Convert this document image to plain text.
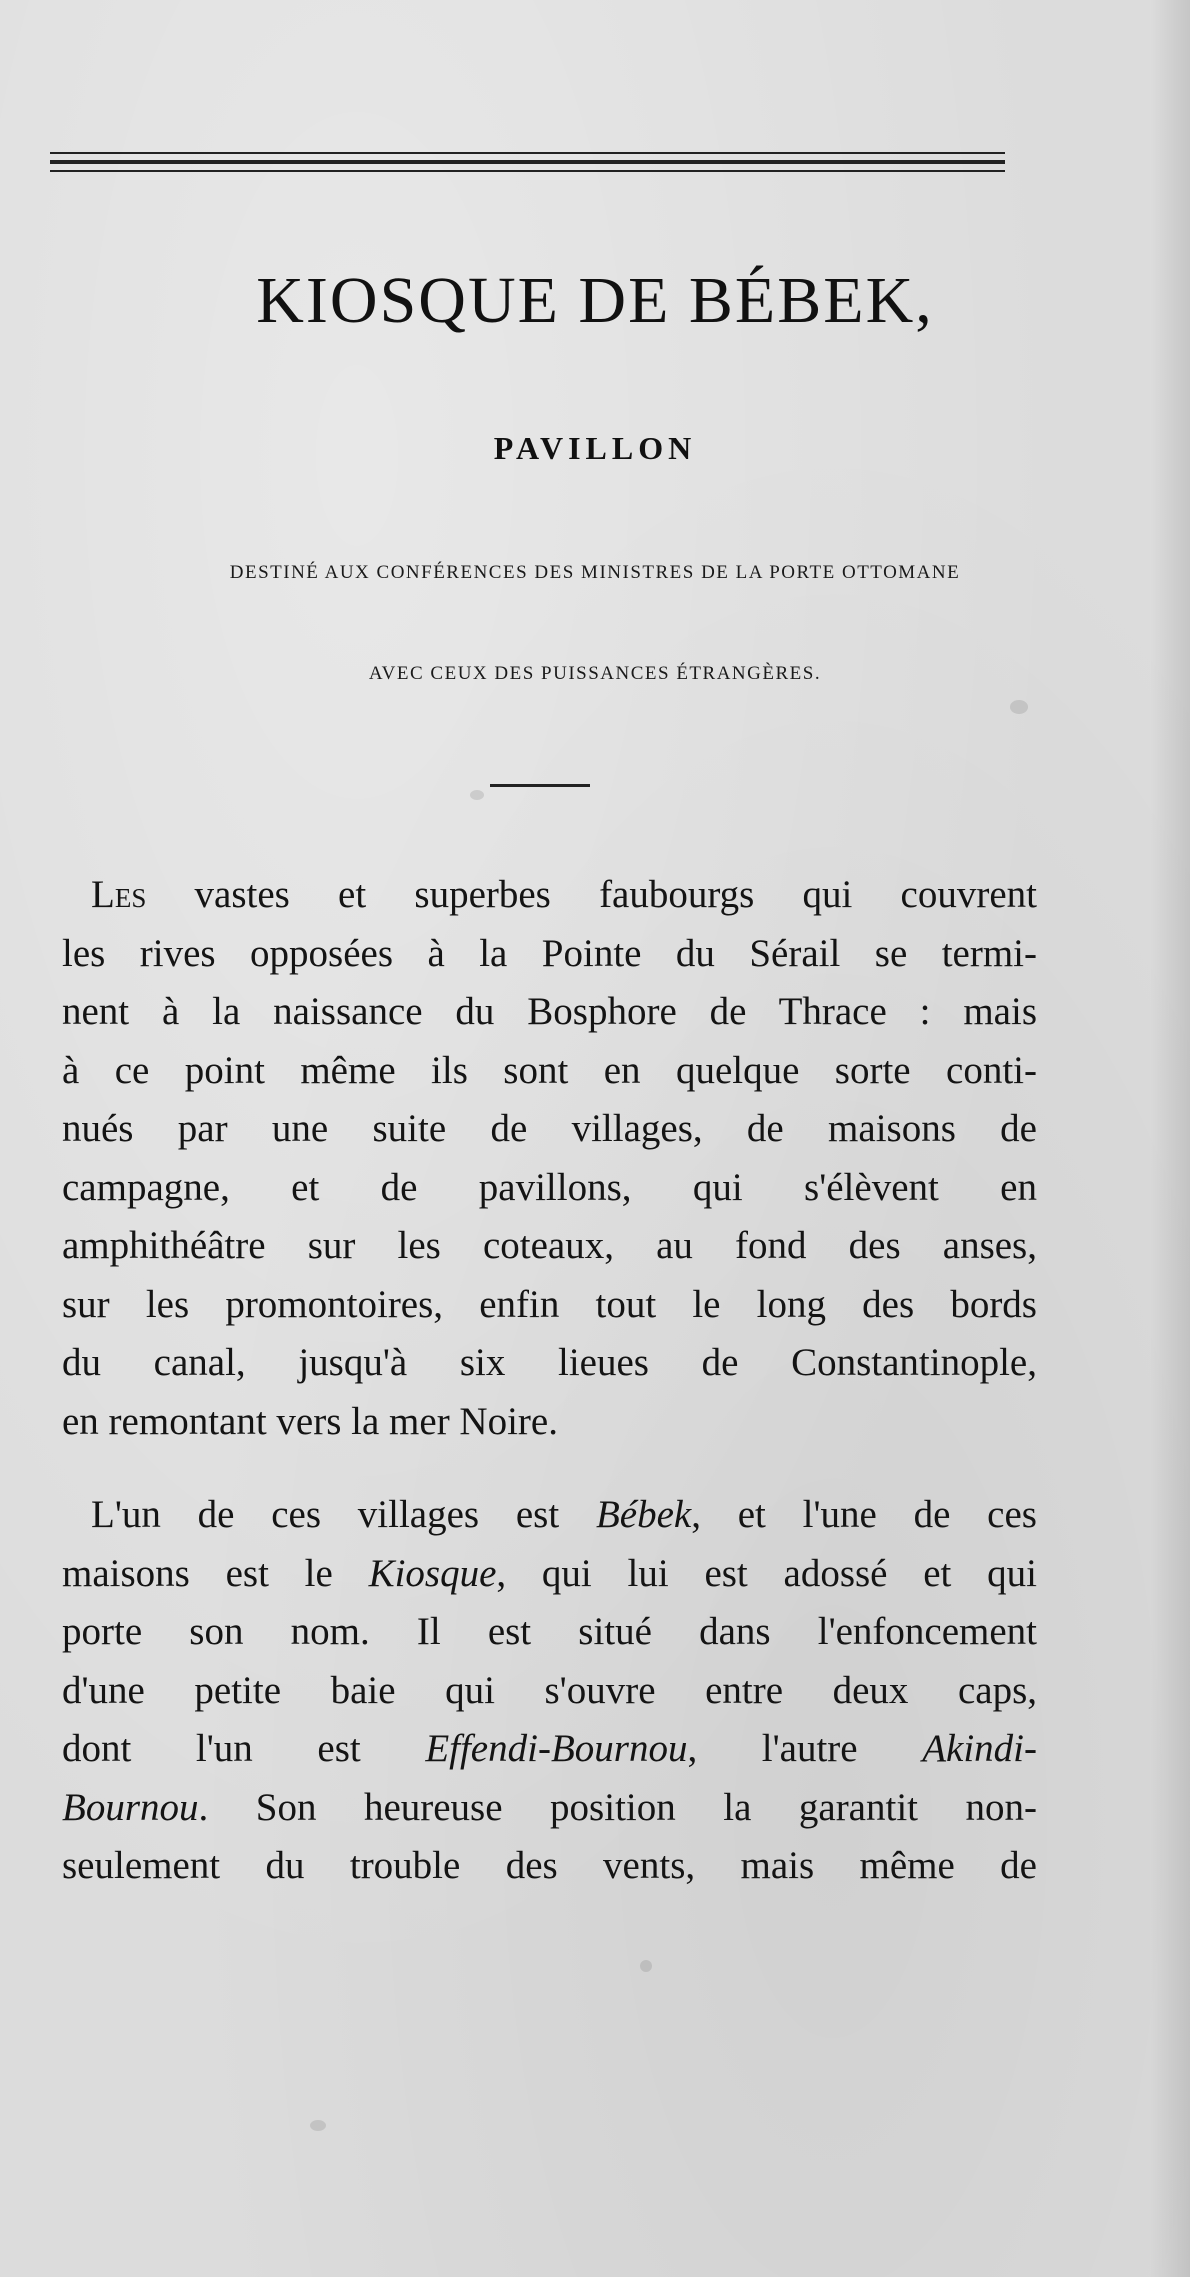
KIOSQUE DE BÉBEK,
PAVILLON
DESTINÉ AUX CONFÉRENCES DES MINISTRES DE LA PORTE OTTOMANE
AVEC CEUX DES PUISSANCES ÉTRANGÈRES.
Les vastes et superbes faubourgs qui couvrent
les rives opposées à la Pointe du Sérail se termi-
nent à la naissance du Bosphore de Thrace : mais
à ce point même ils sont en quelque sorte conti-
nués par une suite de villages, de maisons de
campagne, et de pavillons, qui s'élèvent en
amphithéâtre sur les coteaux, au fond des anses,
sur les promontoires, enfin tout le long des bords
du canal, jusqu'à six lieues de Constantinople,
en remontant vers la mer Noire.
L'un de ces villages est Bébek, et l'une de ces
maisons est le Kiosque, qui lui est adossé et qui
porte son nom. Il est situé dans l'enfoncement
d'une petite baie qui s'ouvre entre deux caps,
dont l'un est Effendi-Bournou, l'autre Akindi-
Bournou. Son heureuse position la garantit non-
seulement du trouble des vents, mais même de
